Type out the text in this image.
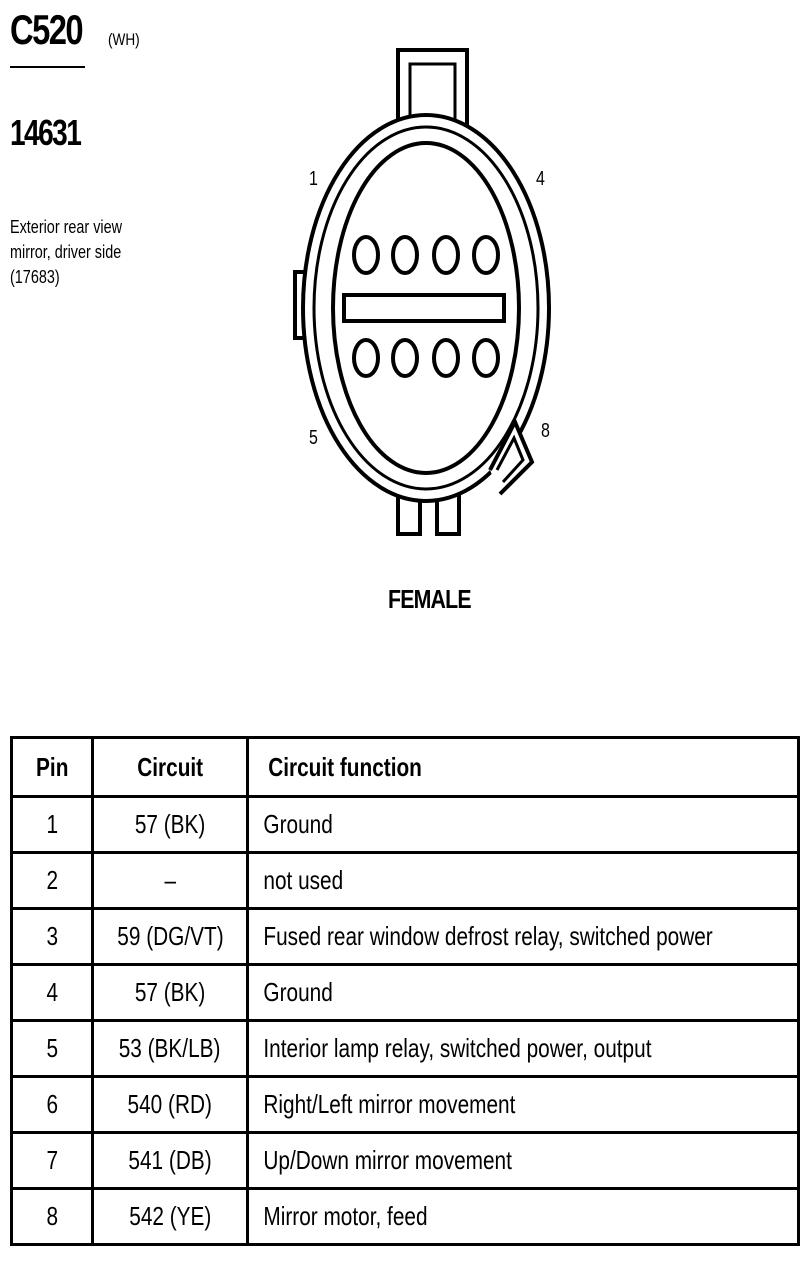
C520 (WH)
14631
Exterior rear view
mirror, driver side
(17683)
1	4
5	8
FEMALE
Pin	Circuit	Circuit function
1	57 (BK)	Ground
2	–	not used
3	59 (DG/VT)	Fused rear window defrost relay, switched power
4	57 (BK)	Ground
5	53 (BK/LB)	Interior lamp relay, switched power, output
6	540 (RD)	Right/Left mirror movement
7	541 (DB)	Up/Down mirror movement
8	542 (YE)	Mirror motor, feed
